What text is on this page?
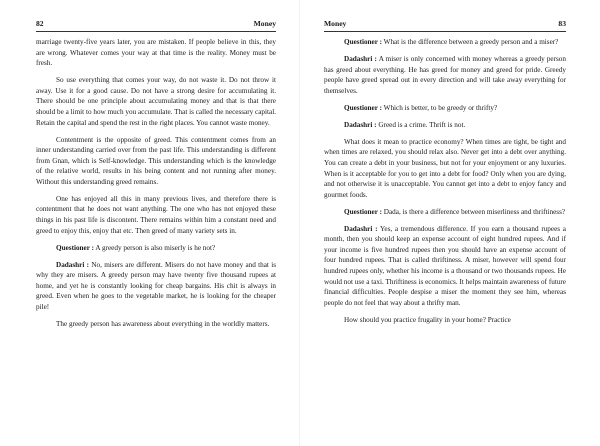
82	Money

marriage twenty-five years later, you are mistaken. If people believe in this, they are wrong. Whatever comes your way at that time is the reality. Money must be fresh.

So use everything that comes your way, do not waste it. Do not throw it away. Use it for a good cause. Do not have a strong desire for accumulating it. There should be one principle about accumulating money and that is that there should be a limit to how much you accumulate. That is called the necessary capital. Retain the capital and spend the rest in the right places. You cannot waste money.

Contentment is the opposite of greed. This contentment comes from an inner understanding carried over from the past life. This understanding is different from Gnan, which is Self-knowledge. This understanding which is the knowledge of the relative world, results in his being content and not running after money. Without this understanding greed remains.

One has enjoyed all this in many previous lives, and therefore there is contentment that he does not want anything. The one who has not enjoyed these things in his past life is discontent. There remains within him a constant need and greed to enjoy this, enjoy that etc. Then greed of many variety sets in.

Questioner : A greedy person is also miserly is he not?

Dadashri : No, misers are different. Misers do not have money and that is why they are misers. A greedy person may have twenty five thousand rupees at home, and yet he is constantly looking for cheap bargains. His chit is always in greed. Even when he goes to the vegetable market, he is looking for the cheaper pile!

The greedy person has awareness about everything in the worldly matters.

Money	83

Questioner : What is the difference between a greedy person and a miser?

Dadashri : A miser is only concerned with money whereas a greedy person has greed about everything. He has greed for money and greed for pride. Greedy people have greed spread out in every direction and will take away everything for themselves.

Questioner : Which is better, to be greedy or thrifty?

Dadashri : Greed is a crime. Thrift is not.

What does it mean to practice economy? When times are tight, be tight and when times are relaxed, you should relax also. Never get into a debt over anything. You can create a debt in your business, but not for your enjoyment or any luxuries. When is it acceptable for you to get into a debt for food? Only when you are dying, and not otherwise it is unacceptable. You cannot get into a debt to enjoy fancy and gourmet foods.

Questioner : Dada, is there a difference between miserliness and thriftiness?

Dadashri : Yes, a tremendous difference. If you earn a thousand rupees a month, then you should keep an expense account of eight hundred rupees. And if your income is five hundred rupees then you should have an expense account of four hundred rupees. That is called thriftiness. A miser, however will spend four hundred rupees only, whether his income is a thousand or two thousands rupees. He would not use a taxi. Thriftiness is economics. It helps maintain awareness of future financial difficulties. People despise a miser the moment they see him, whereas people do not feel that way about a thrifty man.

How should you practice frugality in your home? Practice
